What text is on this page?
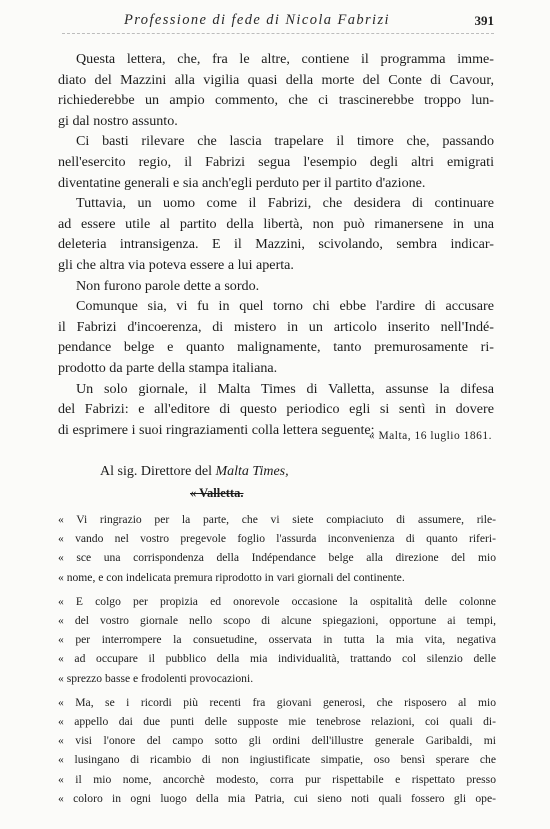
Professione di fede di Nicola Fabrizi	391
Questa lettera, che, fra le altre, contiene il programma imme-
diato del Mazzini alla vigilia quasi della morte del Conte di Cavour,
richiederebbe un ampio commento, che ci trascinerebbe troppo lun-
gi dal nostro assunto.
Ci basti rilevare che lascia trapelare il timore che, passando
nell'esercito regio, il Fabrizi segua l'esempio degli altri emigrati
diventatine generali e sia anch'egli perduto per il partito d'azione.
Tuttavia, un uomo come il Fabrizi, che desidera di continuare
ad essere utile al partito della libertà, non può rimanersene in una
deleteria intransigenza. E il Mazzini, scivolando, sembra indicar-
gli che altra via poteva essere a lui aperta.
Non furono parole dette a sordo.
Comunque sia, vi fu in quel torno chi ebbe l'ardire di accusare
il Fabrizi d'incoerenza, di mistero in un articolo inserito nell'Indé-
pendance belge e quanto malignamente, tanto premurosamente ri-
prodotto da parte della stampa italiana.
Un solo giornale, il Malta Times di Valletta, assunse la difesa
del Fabrizi: e all'editore di questo periodico egli si sentì in dovere
di esprimere i suoi ringraziamenti colla lettera seguente:
« Malta, 16 luglio 1861.
Al sig. Direttore del Malta Times,
« Valletta.
« Vi ringrazio per la parte, che vi siete compiaciuto di assumere, rile-
« vando nel vostro pregevole foglio l'assurda inconvenienza di quanto riferi-
« sce una corrispondenza della Indépendance belge alla direzione del mio
« nome, e con indelicata premura riprodotto in vari giornali del continente.
« E colgo per propizia ed onorevole occasione la ospitalità delle colonne
« del vostro giornale nello scopo di alcune spiegazioni, opportune ai tempi,
« per interrompere la consuetudine, osservata in tutta la mia vita, negativa
« ad occupare il pubblico della mia individualità, trattando col silenzio delle
« sprezzo basse e frodolenti provocazioni.
« Ma, se i ricordi più recenti fra giovani generosi, che risposero al mio
« appello dai due punti delle supposte mie tenebrose relazioni, coi quali di-
« visi l'onore del campo sotto gli ordini dell'illustre generale Garibaldi, mi
« lusingano di ricambio di non ingiustificate simpatie, oso bensì sperare che
« il mio nome, ancorchè modesto, corra pur rispettabile e rispettato presso
« coloro in ogni luogo della mia Patria, cui sieno noti quali fossero gli ope-
